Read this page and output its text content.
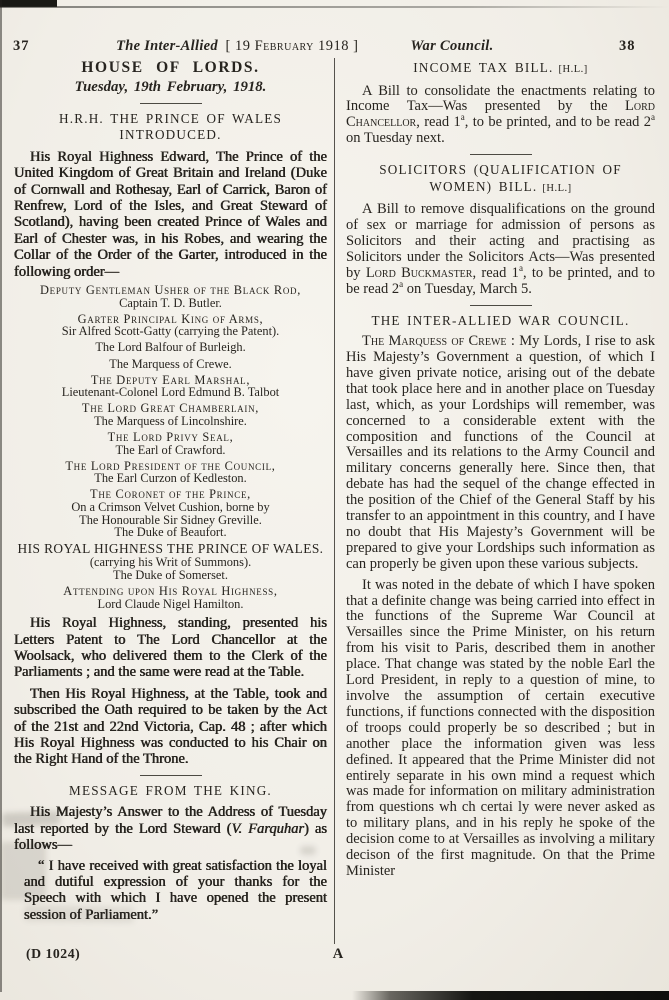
37	The Inter-Allied [ 19 February 1918 ]	War Council.	38
HOUSE OF LORDS.
Tuesday, 19th February, 1918.
H.R.H. THE PRINCE OF WALES
INTRODUCED.

His Royal Highness Edward, The Prince of the United Kingdom of Great Britain and Ireland (Duke of Cornwall and Rothesay, Earl of Carrick, Baron of Renfrew, Lord of the Isles, and Great Steward of Scotland), having been created Prince of Wales and Earl of Chester was, in his Robes, and wearing the Collar of the Order of the Garter, introduced in the following order—

Deputy Gentleman Usher of the Black Rod,
Captain T. D. Butler.
Garter Principal King of Arms,
Sir Alfred Scott-Gatty (carrying the Patent).
The Lord Balfour of Burleigh.
The Marquess of Crewe.
The Deputy Earl Marshal,
Lieutenant-Colonel Lord Edmund B. Talbot
The Lord Great Chamberlain,
The Marquess of Lincolnshire.
The Lord Privy Seal,
The Earl of Crawford.
The Lord President of the Council,
The Earl Curzon of Kedleston.
The Coronet of the Prince,
On a Crimson Velvet Cushion, borne by
The Honourable Sir Sidney Greville.
The Duke of Beaufort.
HIS ROYAL HIGHNESS THE PRINCE OF WALES.
(carrying his Writ of Summons).
The Duke of Somerset.
Attending upon His Royal Highness,
Lord Claude Nigel Hamilton.

His Royal Highness, standing, presented his Letters Patent to The Lord Chancellor at the Woolsack, who delivered them to the Clerk of the Parliaments ; and the same were read at the Table.

Then His Royal Highness, at the Table, took and subscribed the Oath required to be taken by the Act of the 21st and 22nd Victoria, Cap. 48 ; after which His Royal Highness was conducted to his Chair on the Right Hand of the Throne.

MESSAGE FROM THE KING.

His Majesty’s Answer to the Address of Tuesday last reported by the Lord Steward (V. Farquhar) as follows—

“ I have received with great satisfaction the loyal and dutiful expression of your thanks for the Speech with which I have opened the present session of Parliament.”

INCOME TAX BILL. [H.L.]

A Bill to consolidate the enactments relating to Income Tax—Was presented by the Lord Chancellor, read 1$^a$, to be printed, and to be read 2$^a$ on Tuesday next.

SOLICITORS (QUALIFICATION OF WOMEN) BILL. [H.L.]

A Bill to remove disqualifications on the ground of sex or marriage for admission of persons as Solicitors and their acting and practising as Solicitors under the Solicitors Acts—Was presented by Lord Buckmaster, read 1$^a$, to be printed, and to be read 2$^a$ on Tuesday, March 5.

THE INTER-ALLIED WAR COUNCIL.

The Marquess of Crewe : My Lords, I rise to ask His Majesty’s Government a question, of which I have given private notice, arising out of the debate that took place here and in another place on Tuesday last, which, as your Lordships will remember, was concerned to a considerable extent with the composition and functions of the Council at Versailles and its relations to the Army Council and military concerns generally here. Since then, that debate has had the sequel of the change effected in the position of the Chief of the General Staff by his transfer to an appointment in this country, and I have no doubt that His Majesty’s Government will be prepared to give your Lordships such information as can properly be given upon these various subjects.

It was noted in the debate of which I have spoken that a definite change was being carried into effect in the functions of the Supreme War Council at Versailles since the Prime Minister, on his return from his visit to Paris, described them in another place. That change was stated by the noble Earl the Lord President, in reply to a question of mine, to involve the assumption of certain executive functions, if functions connected with the disposition of troops could properly be so described ; but in another place the information given was less defined. It appeared that the Prime Minister did not entirely separate in his own mind a request which was made for information on military administration from questions wh ch certai ly were never asked as to military plans, and in his reply he spoke of the decision come to at Versailles as involving a military decison of the first magnitude. On that the Prime Minister

(D 1024)	A
